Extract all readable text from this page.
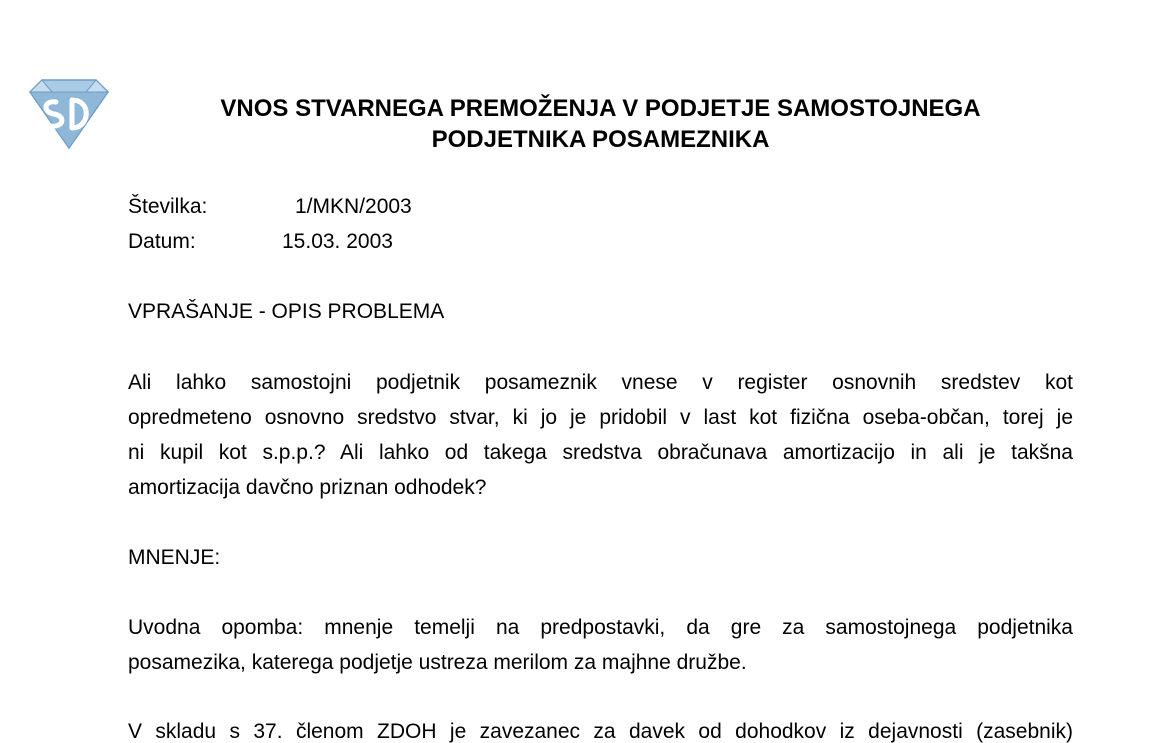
VNOS STVARNEGA PREMOŽENJA V PODJETJE SAMOSTOJNEGA
PODJETNIKA POSAMEZNIKA
Številka:	1/MKN/2003
Datum:	15.03. 2003
VPRAŠANJE - OPIS PROBLEMA
Ali lahko samostojni podjetnik posameznik vnese v register osnovnih sredstev kot
opredmeteno osnovno sredstvo stvar, ki jo je pridobil v last kot fizična oseba-občan, torej je
ni kupil kot s.p.p.? Ali lahko od takega sredstva obračunava amortizacijo in ali je takšna
amortizacija davčno priznan odhodek?
MNENJE:
Uvodna opomba: mnenje temelji na predpostavki, da gre za samostojnega podjetnika
posamezika, katerega podjetje ustreza merilom za majhne družbe.
V skladu s 37. členom ZDOH je zavezanec za davek od dohodkov iz dejavnosti (zasebnik)
